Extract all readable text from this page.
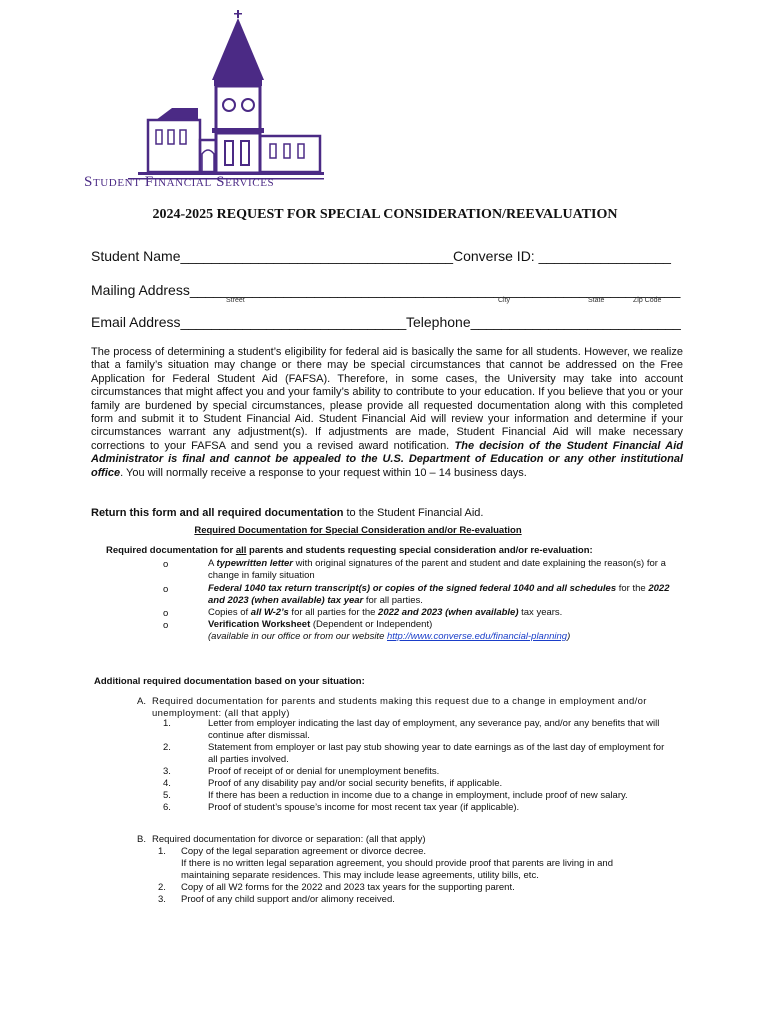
Student Financial Services
2024-2025 REQUEST FOR SPECIAL CONSIDERATION/REEVALUATION
Student Name___________________________________ Converse ID: _________________
Mailing Address_______________________________________________________________
Street	City	State	Zip Code
Email Address_____________________________ Telephone___________________________
The process of determining a student’s eligibility for federal aid is basically the same for all students. However, we realize that a family’s situation may change or there may be special circumstances that cannot be addressed on the Free Application for Federal Student Aid (FAFSA). Therefore, in some cases, the University may take into account circumstances that might affect you and your family’s ability to contribute to your education. If you believe that you or your family are burdened by special circumstances, please provide all requested documentation along with this completed form and submit it to Student Financial Aid. Student Financial Aid will review your information and determine if your circumstances warrant any adjustment(s). If adjustments are made, Student Financial Aid will make necessary corrections to your FAFSA and send you a revised award notification. The decision of the Student Financial Aid Administrator is final and cannot be appealed to the U.S. Department of Education or any other institutional office. You will normally receive a response to your request within 10 – 14 business days.
Return this form and all required documentation to the Student Financial Aid.
Required Documentation for Special Consideration and/or Re-evaluation
Required documentation for all parents and students requesting special consideration and/or re-evaluation:
o	A typewritten letter with original signatures of the parent and student and date explaining the reason(s) for a change in family situation
o	Federal 1040 tax return transcript(s) or copies of the signed federal 1040 and all schedules for the 2022 and 2023 (when available) tax year for all parties.
o	Copies of all W-2’s for all parties for the 2022 and 2023 (when available) tax years.
o	Verification Worksheet (Dependent or Independent)
(available in our office or from our website http://www.converse.edu/financial-planning)
Additional required documentation based on your situation:
A. Required documentation for parents and students making this request due to a change in employment and/or unemployment: (all that apply)
1.	Letter from employer indicating the last day of employment, any severance pay, and/or any benefits that will continue after dismissal.
2.	Statement from employer or last pay stub showing year to date earnings as of the last day of employment for all parties involved.
3.	Proof of receipt of or denial for unemployment benefits.
4.	Proof of any disability pay and/or social security benefits, if applicable.
5.	If there has been a reduction in income due to a change in employment, include proof of new salary.
6.	Proof of student’s spouse’s income for most recent tax year (if applicable).
B. Required documentation for divorce or separation: (all that apply)
1. Copy of the legal separation agreement or divorce decree.
If there is no written legal separation agreement, you should provide proof that parents are living in and maintaining separate residences. This may include lease agreements, utility bills, etc.
2. Copy of all W2 forms for the 2022 and 2023 tax years for the supporting parent.
3. Proof of any child support and/or alimony received.
